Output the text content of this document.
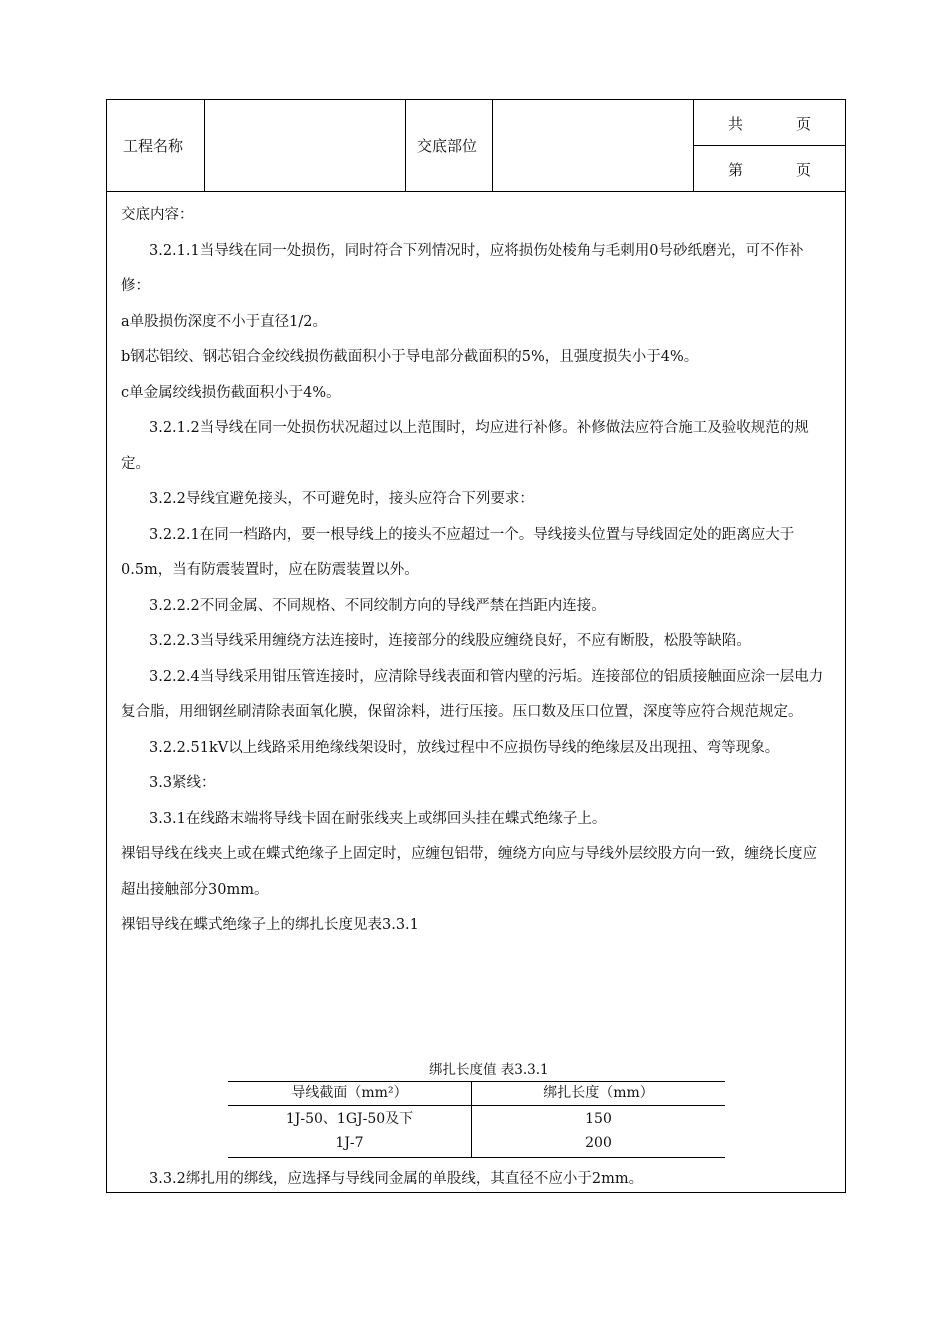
工程名称	交底部位
共	页
第	页

交底内容：

3.2.1.1当导线在同一处损伤，同时符合下列情况时，应将损伤处棱角与毛刺用0号砂纸磨光，可不作补修：

a单股损伤深度不小于直径1/2。

b钢芯铝绞、钢芯铝合金绞线损伤截面积小于导电部分截面积的5%，且强度损失小于4%。

c单金属绞线损伤截面积小于4%。

3.2.1.2当导线在同一处损伤状况超过以上范围时，均应进行补修。补修做法应符合施工及验收规范的规定。

3.2.2导线宜避免接头，不可避免时，接头应符合下列要求：

3.2.2.1在同一档路内，要一根导线上的接头不应超过一个。导线接头位置与导线固定处的距离应大于0.5m，当有防震装置时，应在防震装置以外。

3.2.2.2不同金属、不同规格、不同绞制方向的导线严禁在挡距内连接。

3.2.2.3当导线采用缠绕方法连接时，连接部分的线股应缠绕良好，不应有断股，松股等缺陷。

3.2.2.4当导线采用钳压管连接时，应清除导线表面和管内壁的污垢。连接部位的铝质接触面应涂一层电力复合脂，用细钢丝刷清除表面氧化膜，保留涂料，进行压接。压口数及压口位置，深度等应符合规范规定。

3.2.2.51kV以上线路采用绝缘线架设时，放线过程中不应损伤导线的绝缘层及出现扭、弯等现象。

3.3紧线：

3.3.1在线路末端将导线卡固在耐张线夹上或绑回头挂在蝶式绝缘子上。

裸铝导线在线夹上或在蝶式绝缘子上固定时，应缠包铝带，缠绕方向应与导线外层绞股方向一致，缠绕长度应超出接触部分30mm。

裸铝导线在蝶式绝缘子上的绑扎长度见表3.3.1

绑扎长度值 表3.3.1
导线截面（mm²）	绑扎长度（mm）
1J-50、1GJ-50及下	150
1J-7	200
3.3.2绑扎用的绑线，应选择与导线同金属的单股线，其直径不应小于2mm。
